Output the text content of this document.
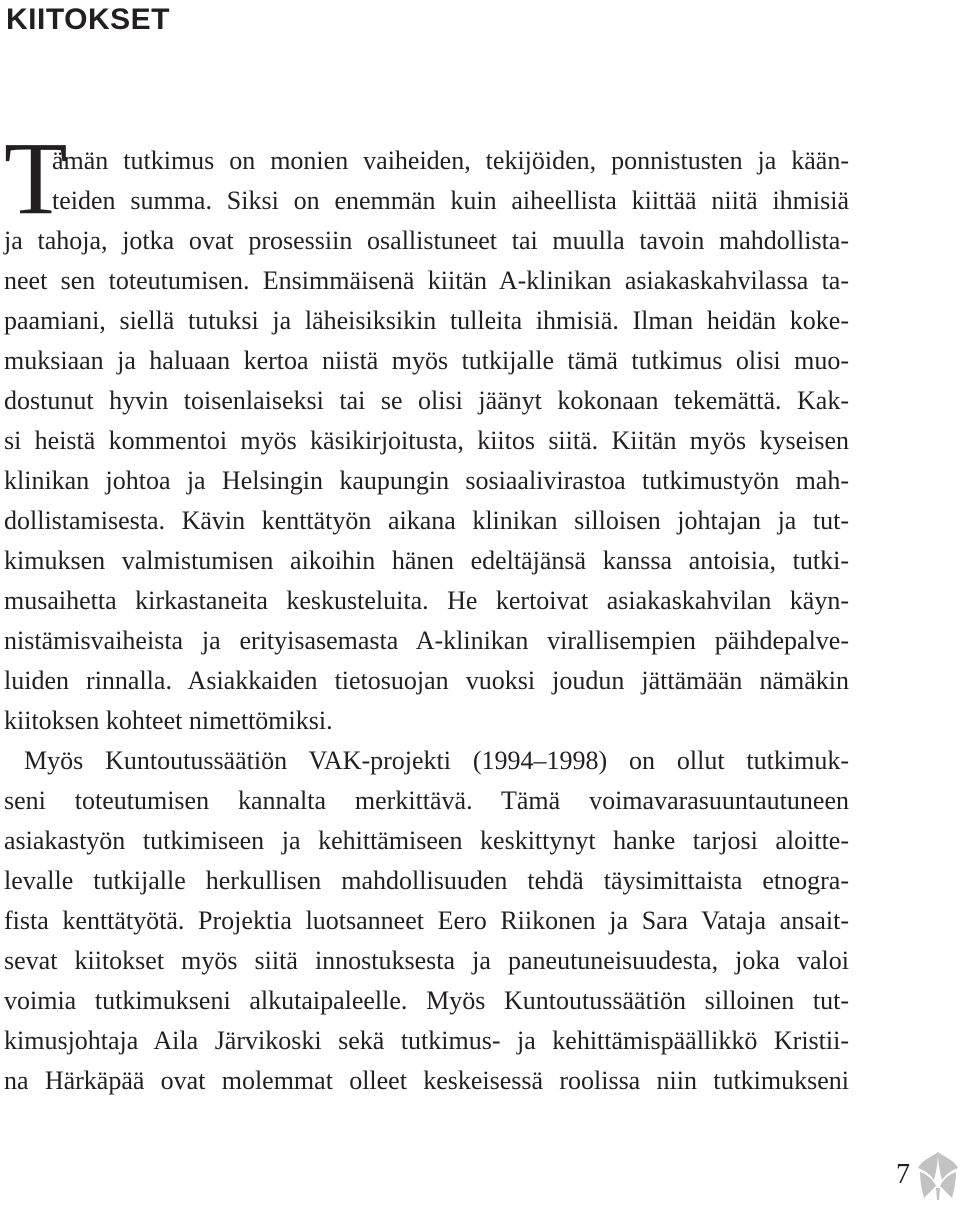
KIITOKSET
T
ämän tutkimus on monien vaiheiden, tekijöiden, ponnistusten ja kään-
teiden summa. Siksi on enemmän kuin aiheellista kiittää niitä ihmisiä
ja tahoja, jotka ovat prosessiin osallistuneet tai muulla tavoin mahdollista-
neet sen toteutumisen. Ensimmäisenä kiitän A-klinikan asiakaskahvilassa ta-
paamiani, siellä tutuksi ja läheisiksikin tulleita ihmisiä. Ilman heidän koke-
muksiaan ja haluaan kertoa niistä myös tutkijalle tämä tutkimus olisi muo-
dostunut hyvin toisenlaiseksi tai se olisi jäänyt kokonaan tekemättä. Kak-
si heistä kommentoi myös käsikirjoitusta, kiitos siitä. Kiitän myös kyseisen
klinikan johtoa ja Helsingin kaupungin sosiaalivirastoa tutkimustyön mah-
dollistamisesta. Kävin kenttätyön aikana klinikan silloisen johtajan ja tut-
kimuksen valmistumisen aikoihin hänen edeltäjänsä kanssa antoisia, tutki-
musaihetta kirkastaneita keskusteluita. He kertoivat asiakaskahvilan käyn-
nistämisvaiheista ja erityisasemasta A-klinikan virallisempien päihdepalve-
luiden rinnalla. Asiakkaiden tietosuojan vuoksi joudun jättämään nämäkin
kiitoksen kohteet nimettömiksi.
Myös Kuntoutussäätiön VAK-projekti (1994–1998) on ollut tutkimuk-
seni toteutumisen kannalta merkittävä. Tämä voimavarasuuntautuneen
asiakastyön tutkimiseen ja kehittämiseen keskittynyt hanke tarjosi aloitte-
levalle tutkijalle herkullisen mahdollisuuden tehdä täysimittaista etnogra-
fista kenttätyötä. Projektia luotsanneet Eero Riikonen ja Sara Vataja ansait-
sevat kiitokset myös siitä innostuksesta ja paneutuneisuudesta, joka valoi
voimia tutkimukseni alkutaipaleelle. Myös Kuntoutussäätiön silloinen tut-
kimusjohtaja Aila Järvikoski sekä tutkimus- ja kehittämispäällikkö Kristii-
na Härkäpää ovat molemmat olleet keskeisessä roolissa niin tutkimukseni
7
